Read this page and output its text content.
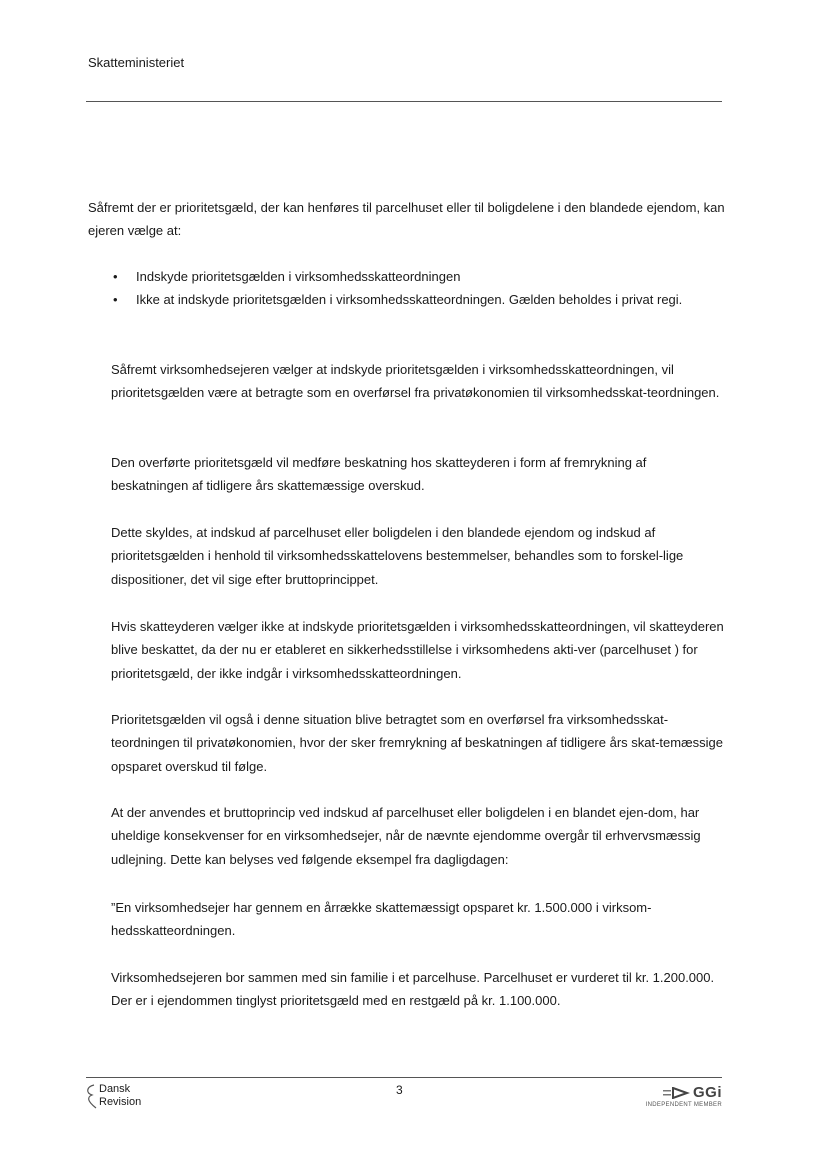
Skatteministeriet
Såfremt der er prioritetsgæld, der kan henføres til parcelhuset eller til boligdelene i den blandede ejendom, kan ejeren vælge at:
• Indskyde prioritetsgælden i virksomhedsskatteordningen
• Ikke at indskyde prioritetsgælden i virksomhedsskatteordningen. Gælden beholdes i privat regi.
Såfremt virksomhedsejeren vælger at indskyde prioritetsgælden i virksomhedsskatteordningen, vil prioritetsgælden være at betragte som en overførsel fra privatøkonomien til virksomhedsskat-teordningen.
Den overførte prioritetsgæld vil medføre beskatning hos skatteyderen i form af fremrykning af beskatningen af tidligere års skattemæssige overskud.
Dette skyldes, at indskud af parcelhuset eller boligdelen i den blandede ejendom og indskud af prioritetsgælden i henhold til virksomhedsskattelovens bestemmelser, behandles som to forskel-lige dispositioner, det vil sige efter bruttoprincippet.
Hvis skatteyderen vælger ikke at indskyde prioritetsgælden i virksomhedsskatteordningen, vil skatteyderen blive beskattet, da der nu er etableret en sikkerhedsstillelse i virksomhedens akti-ver (parcelhuset ) for prioritetsgæld, der ikke indgår i virksomhedsskatteordningen.
Prioritetsgælden vil også i denne situation blive betragtet som en overførsel fra virksomhedsskat-teordningen til privatøkonomien, hvor der sker fremrykning af beskatningen af tidligere års skat-temæssige opsparet overskud til følge.
At der anvendes et bruttoprincip ved indskud af parcelhuset eller boligdelen i en blandet ejen-dom, har uheldige konsekvenser for en virksomhedsejer, når de nævnte ejendomme overgår til erhvervsmæssig udlejning. Dette kan belyses ved følgende eksempel fra dagligdagen:
”En virksomhedsejer har gennem en årrække skattemæssigt opsparet kr. 1.500.000 i virksom-hedsskatteordningen.
Virksomhedsejeren bor sammen med sin familie i et parcelhuse. Parcelhuset er vurderet til kr. 1.200.000. Der er i ejendommen tinglyst prioritetsgæld med en restgæld på kr. 1.100.000.
Dansk
Revision
3	GGi
INDEPENDENT MEMBER
